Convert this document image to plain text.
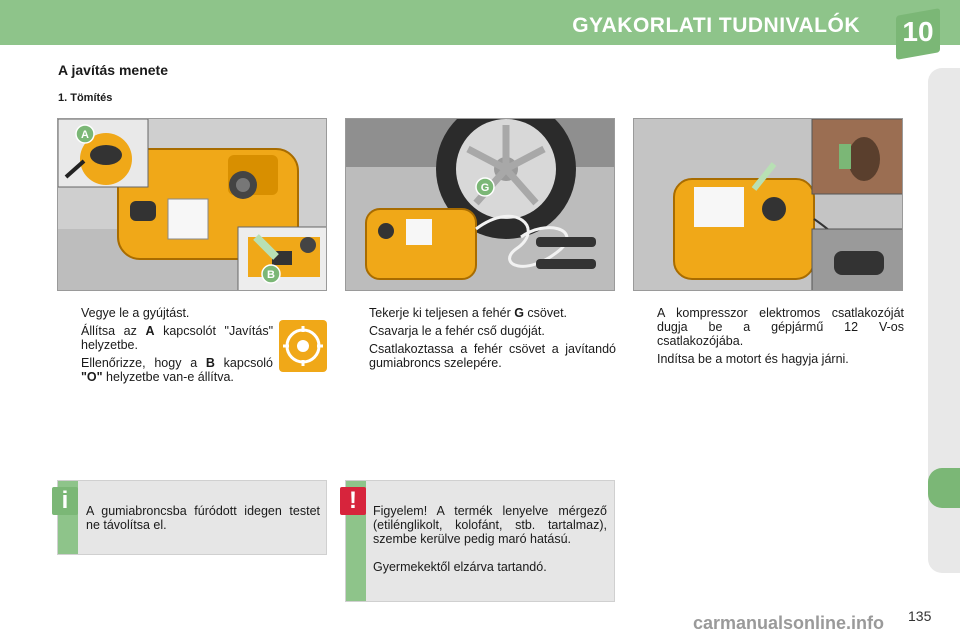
GYAKORLATI TUDNIVALÓK 10
A javítás menete
1. Tömítés
A
B
G
Vegye le a gyújtást.
Állítsa az A kapcsolót "Javítás" helyzetbe.
Ellenőrizze, hogy a B kapcsoló "O" helyzetbe van-e állítva.
Tekerje ki teljesen a fehér G csövet.
Csavarja le a fehér cső dugóját.
Csatlakoztassa a fehér csövet a javítandó gumiabroncs szelepére.
A kompresszor elektromos csatlakozóját dugja be a gépjármű 12 V-os csatlakozójába.
Indítsa be a motort és hagyja járni.
i	A gumiabroncsba fúródott idegen testet ne távolítsa el.
!	Figyelem! A termék lenyelve mérgező (etilénglikolt, kolofánt, stb. tartalmaz), szembe kerülve pedig maró hatású.
Gyermekektől elzárva tartandó.
135
carmanualsonline.info
